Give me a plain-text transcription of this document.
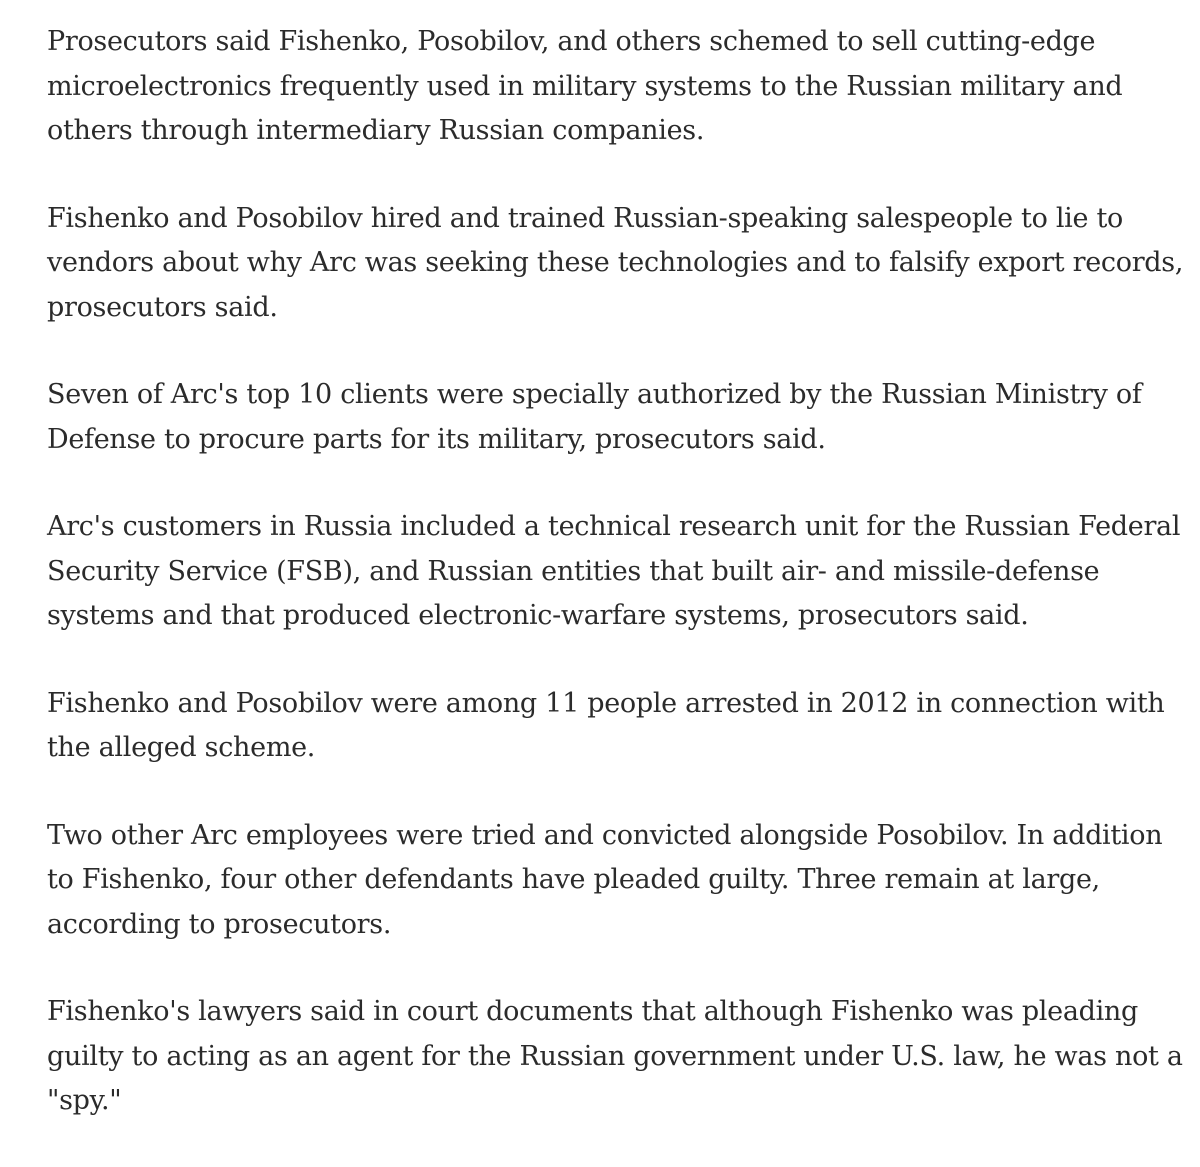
Prosecutors said Fishenko, Posobilov, and others schemed to sell cutting-edge microelectronics frequently used in military systems to the Russian military and others through intermediary Russian companies.

Fishenko and Posobilov hired and trained Russian-speaking salespeople to lie to vendors about why Arc was seeking these technologies and to falsify export records, prosecutors said.

Seven of Arc's top 10 clients were specially authorized by the Russian Ministry of Defense to procure parts for its military, prosecutors said.

Arc's customers in Russia included a technical research unit for the Russian Federal Security Service (FSB), and Russian entities that built air- and missile-defense systems and that produced electronic-warfare systems, prosecutors said.

Fishenko and Posobilov were among 11 people arrested in 2012 in connection with the alleged scheme.

Two other Arc employees were tried and convicted alongside Posobilov. In addition to Fishenko, four other defendants have pleaded guilty. Three remain at large, according to prosecutors.

Fishenko's lawyers said in court documents that although Fishenko was pleading guilty to acting as an agent for the Russian government under U.S. law, he was not a "spy."
